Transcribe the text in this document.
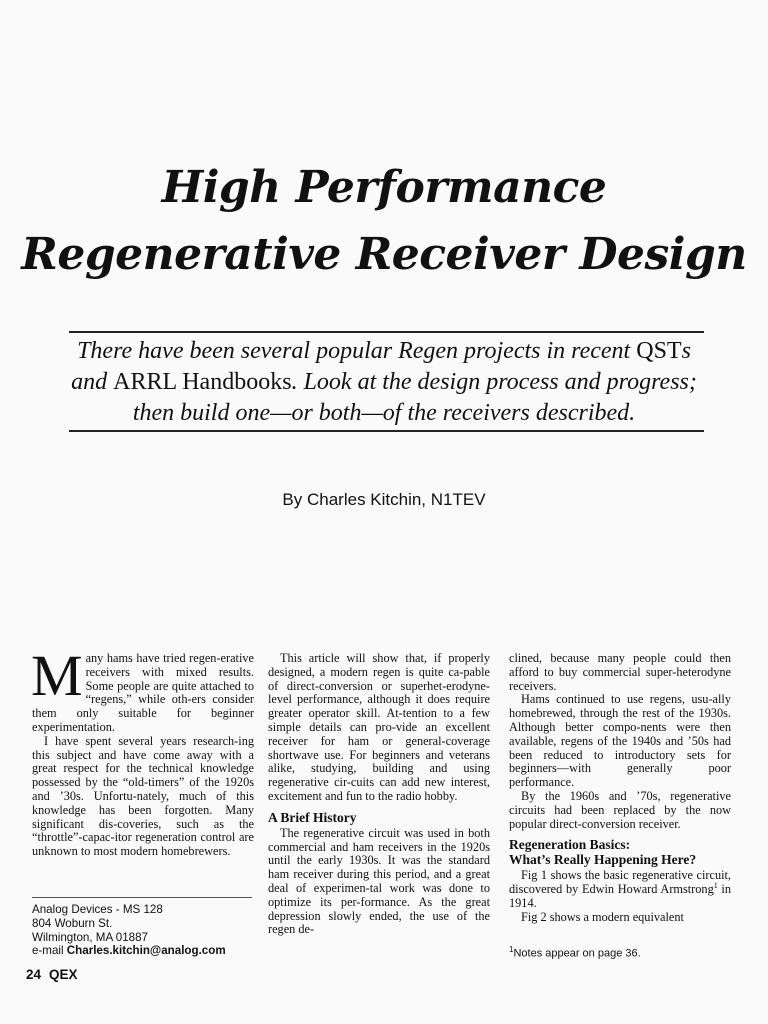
High Performance
Regenerative Receiver Design
There have been several popular Regen projects in recent QSTs and ARRL Handbooks. Look at the design process and progress; then build one—or both—of the receivers described.
By Charles Kitchin, N1TEV

Many hams have tried regen-erative receivers with mixed results. Some people are quite attached to “regens,” while oth-ers consider them only suitable for beginner experimentation.

I have spent several years research-ing this subject and have come away with a great respect for the technical knowledge possessed by the “old-timers” of the 1920s and ’30s. Unfortu-nately, much of this knowledge has been forgotten. Many significant dis-coveries, such as the “throttle”-capac-itor regeneration control are unknown to most modern homebrewers.

This article will show that, if properly designed, a modern regen is quite ca-pable of direct-conversion or superhet-erodyne-level performance, although it does require greater operator skill. At-tention to a few simple details can pro-vide an excellent receiver for ham or general-coverage shortwave use. For beginners and veterans alike, studying, building and using regenerative cir-cuits can add new interest, excitement and fun to the radio hobby.

A Brief History

The regenerative circuit was used in both commercial and ham receivers in the 1920s until the early 1930s. It was the standard ham receiver during this period, and a great deal of experimen-tal work was done to optimize its per-formance. As the great depression slowly ended, the use of the regen de-

clined, because many people could then afford to buy commercial super-heterodyne receivers.

Hams continued to use regens, usu-ally homebrewed, through the rest of the 1930s. Although better compo-nents were then available, regens of the 1940s and ’50s had been reduced to introductory sets for beginners—with generally poor performance.

By the 1960s and ’70s, regenerative circuits had been replaced by the now popular direct-conversion receiver.

Regeneration Basics:
What’s Really Happening Here?

Fig 1 shows the basic regenerative circuit, discovered by Edwin Howard Armstrong$^1$ in 1914.

Fig 2 shows a modern equivalent

Analog Devices - MS 128
804 Woburn St.
Wilmington, MA 01887
e-mail Charles.kitchin@analog.com	$^1$Notes appear on page 36.
24 QEX
